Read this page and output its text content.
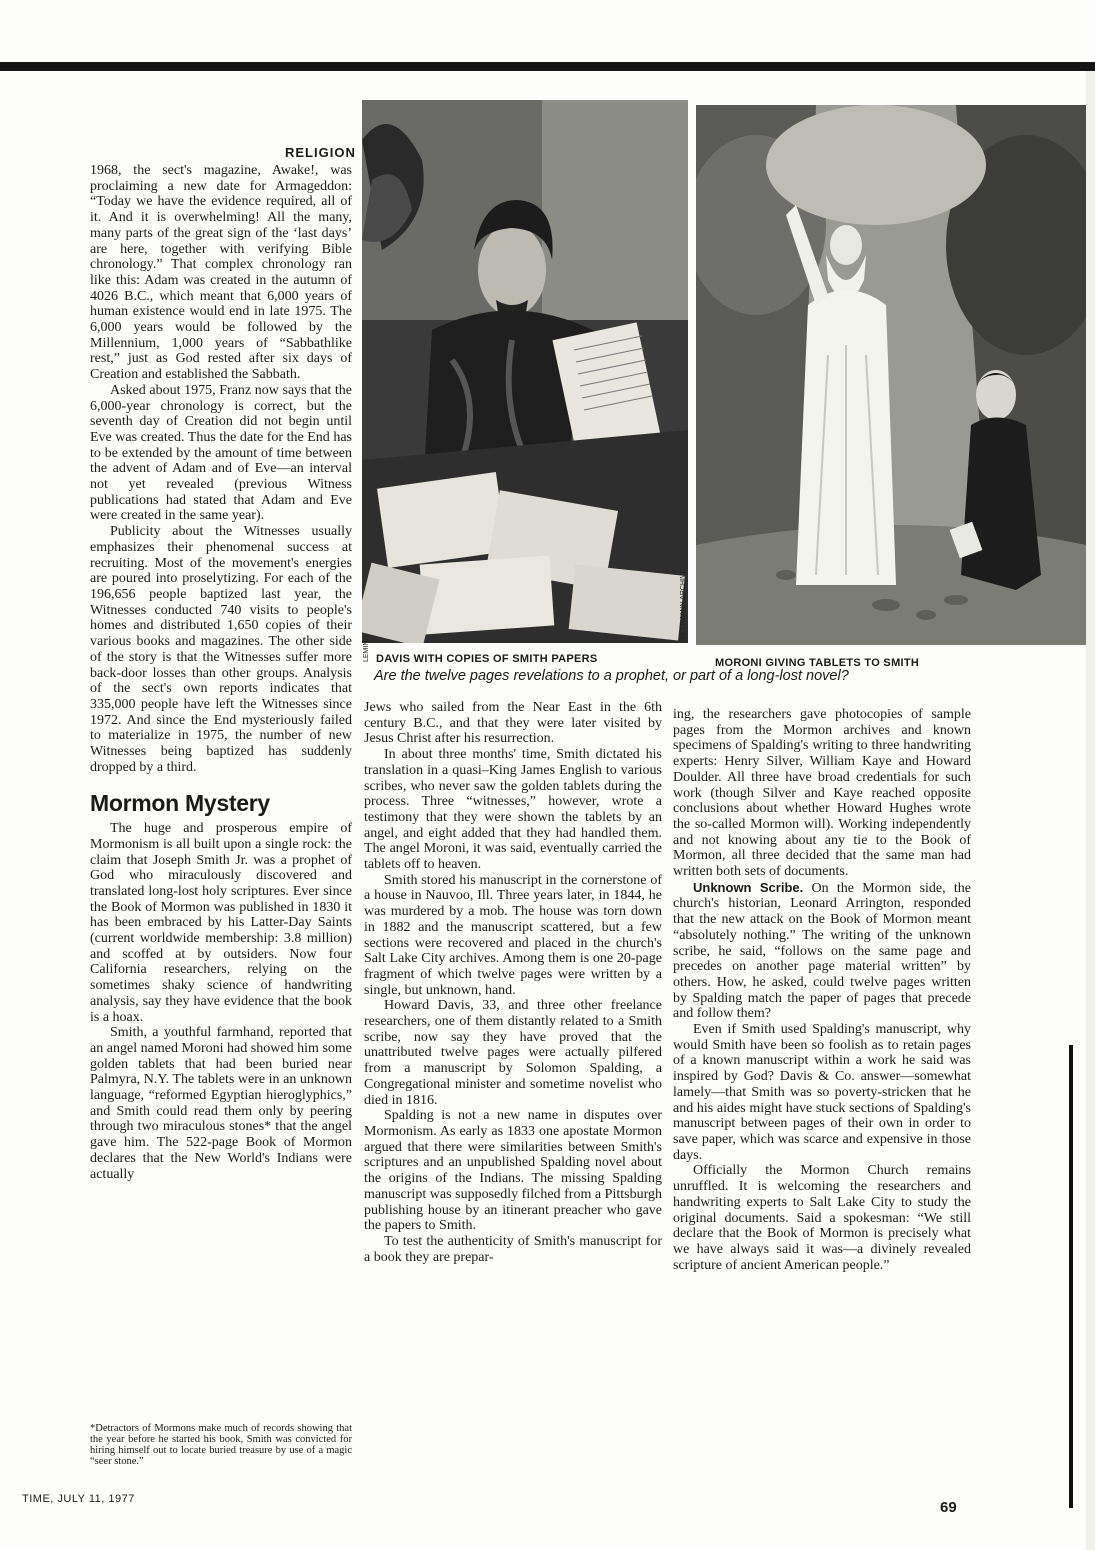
RELIGION

1968, the sect's magazine, Awake!, was proclaiming a new date for Armageddon: “Today we have the evidence required, all of it. And it is overwhelming! All the many, many parts of the great sign of the ‘last days’ are here, together with verifying Bible chronology.” That complex chronology ran like this: Adam was created in the autumn of 4026 B.C., which meant that 6,000 years of human existence would end in late 1975. The 6,000 years would be followed by the Millennium, 1,000 years of “Sabbathlike rest,” just as God rested after six days of Creation and established the Sabbath.

Asked about 1975, Franz now says that the 6,000-year chronology is correct, but the seventh day of Creation did not begin until Eve was created. Thus the date for the End has to be extended by the amount of time between the advent of Adam and of Eve—an interval not yet revealed (previous Witness publications had stated that Adam and Eve were created in the same year).

Publicity about the Witnesses usually emphasizes their phenomenal success at recruiting. Most of the movement's energies are poured into proselytizing. For each of the 196,656 people baptized last year, the Witnesses conducted 740 visits to people's homes and distributed 1,650 copies of their various books and magazines. The other side of the story is that the Witnesses suffer more back-door losses than other groups. Analysis of the sect's own reports indicates that 335,000 people have left the Witnesses since 1972. And since the End mysteriously failed to materialize in 1975, the number of new Witnesses being baptized has suddenly dropped by a third.

Mormon Mystery

The huge and prosperous empire of Mormonism is all built upon a single rock: the claim that Joseph Smith Jr. was a prophet of God who miraculously discovered and translated long-lost holy scriptures. Ever since the Book of Mormon was published in 1830 it has been embraced by his Latter-Day Saints (current worldwide membership: 3.8 million) and scoffed at by outsiders. Now four California researchers, relying on the sometimes shaky science of handwriting analysis, say they have evidence that the book is a hoax.

Smith, a youthful farmhand, reported that an angel named Moroni had showed him some golden tablets that had been buried near Palmyra, N.Y. The tablets were in an unknown language, “reformed Egyptian hieroglyphics,” and Smith could read them only by peering through two miraculous stones* that the angel gave him. The 522-page Book of Mormon declares that the New World's Indians were actually

*Detractors of Mormons make much of records showing that the year before he started his book, Smith was convicted for hiring himself out to locate buried treasure by use of a magic “seer stone.”
LEMINH
BETTMANN ARCHIVE
DAVIS WITH COPIES OF SMITH PAPERS	MORONI GIVING TABLETS TO SMITH
Are the twelve pages revelations to a prophet, or part of a long-lost novel?

Jews who sailed from the Near East in the 6th century B.C., and that they were later visited by Jesus Christ after his resurrection.

In about three months' time, Smith dictated his translation in a quasi–King James English to various scribes, who never saw the golden tablets during the process. Three “witnesses,” however, wrote a testimony that they were shown the tablets by an angel, and eight added that they had handled them. The angel Moroni, it was said, eventually carried the tablets off to heaven.

Smith stored his manuscript in the cornerstone of a house in Nauvoo, Ill. Three years later, in 1844, he was murdered by a mob. The house was torn down in 1882 and the manuscript scattered, but a few sections were recovered and placed in the church's Salt Lake City archives. Among them is one 20-page fragment of which twelve pages were written by a single, but unknown, hand.

Howard Davis, 33, and three other freelance researchers, one of them distantly related to a Smith scribe, now say they have proved that the unattributed twelve pages were actually pilfered from a manuscript by Solomon Spalding, a Congregational minister and sometime novelist who died in 1816.

Spalding is not a new name in disputes over Mormonism. As early as 1833 one apostate Mormon argued that there were similarities between Smith's scriptures and an unpublished Spalding novel about the origins of the Indians. The missing Spalding manuscript was supposedly filched from a Pittsburgh publishing house by an itinerant preacher who gave the papers to Smith.

To test the authenticity of Smith's manuscript for a book they are prepar-

ing, the researchers gave photocopies of sample pages from the Mormon archives and known specimens of Spalding's writing to three handwriting experts: Henry Silver, William Kaye and Howard Doulder. All three have broad credentials for such work (though Silver and Kaye reached opposite conclusions about whether Howard Hughes wrote the so-called Mormon will). Working independently and not knowing about any tie to the Book of Mormon, all three decided that the same man had written both sets of documents.

Unknown Scribe. On the Mormon side, the church's historian, Leonard Arrington, responded that the new attack on the Book of Mormon meant “absolutely nothing.” The writing of the unknown scribe, he said, “follows on the same page and precedes on another page material written” by others. How, he asked, could twelve pages written by Spalding match the paper of pages that precede and follow them?

Even if Smith used Spalding's manuscript, why would Smith have been so foolish as to retain pages of a known manuscript within a work he said was inspired by God? Davis & Co. answer—somewhat lamely—that Smith was so poverty-stricken that he and his aides might have stuck sections of Spalding's manuscript between pages of their own in order to save paper, which was scarce and expensive in those days.

Officially the Mormon Church remains unruffled. It is welcoming the researchers and handwriting experts to Salt Lake City to study the original documents. Said a spokesman: “We still declare that the Book of Mormon is precisely what we have always said it was—a divinely revealed scripture of ancient American people.”

TIME, JULY 11, 1977	69
